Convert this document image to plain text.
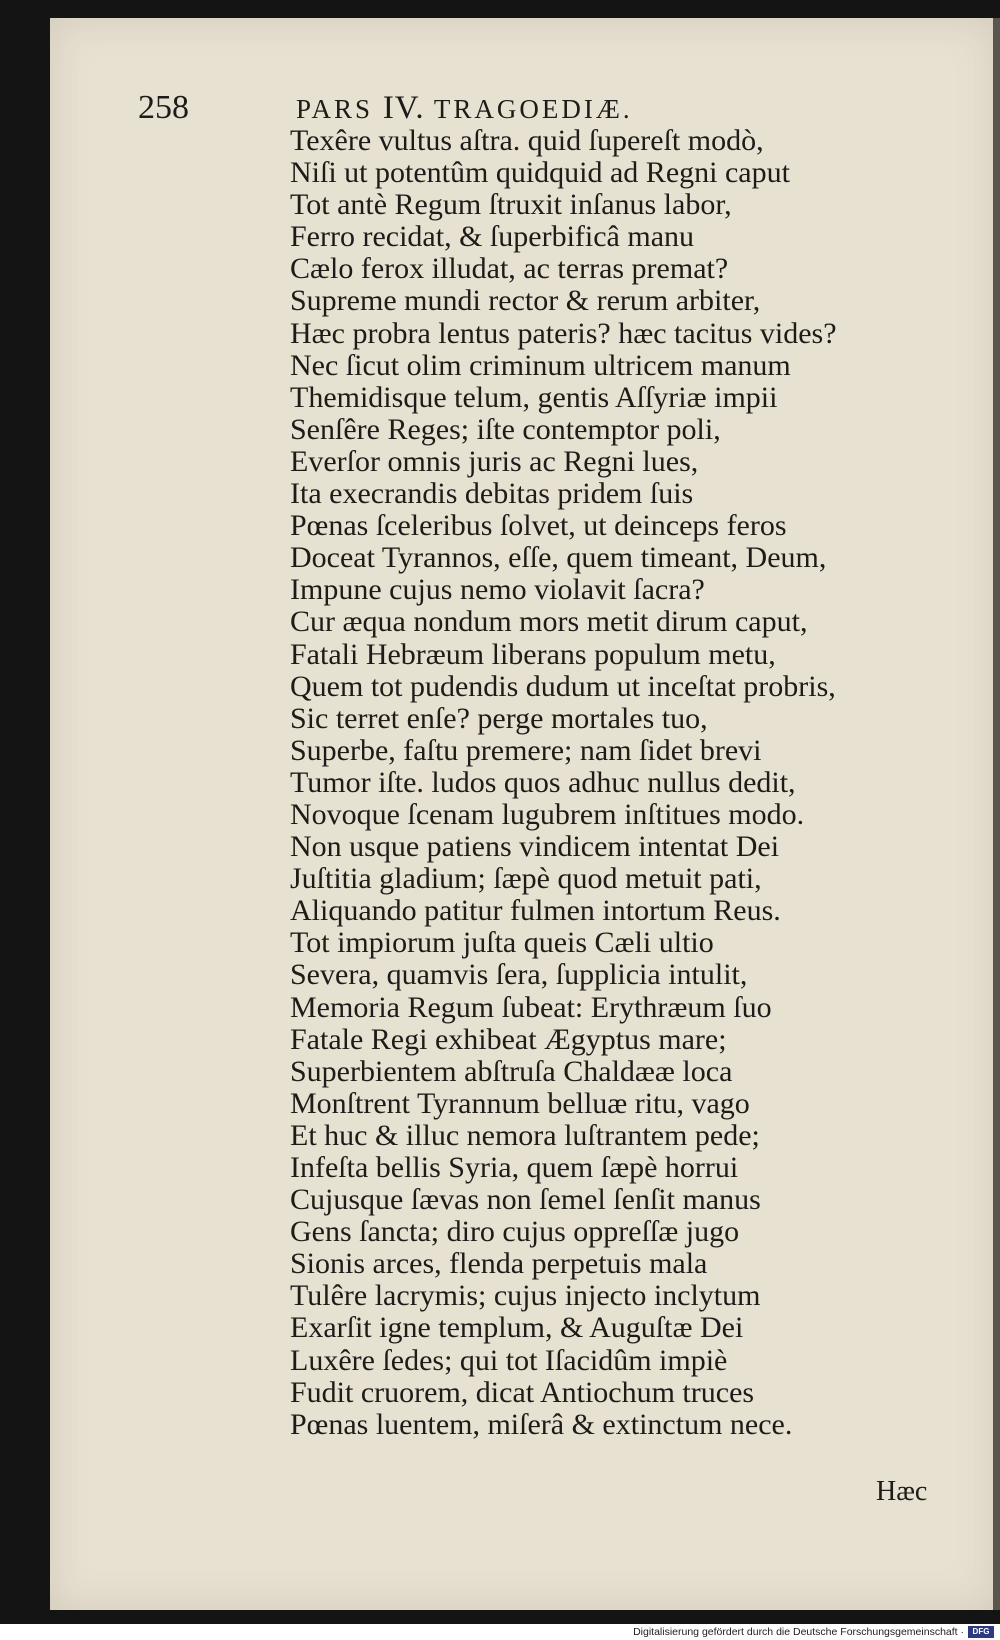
258	PARS IV. TRAGOEDIÆ.
Texêre vultus aſtra. quid ſupereſt modò,
Niſi ut potentûm quidquid ad Regni caput
Tot antè Regum ſtruxit inſanus labor,
Ferro recidat, & ſuperbificâ manu
Cælo ferox illudat, ac terras premat?
Supreme mundi rector & rerum arbiter,
Hæc probra lentus pateris? hæc tacitus vides?
Nec ſicut olim criminum ultricem manum
Themidisque telum, gentis Aſſyriæ impii
Senſêre Reges; iſte contemptor poli,
Everſor omnis juris ac Regni lues,
Ita execrandis debitas pridem ſuis
Pœnas ſceleribus ſolvet, ut deinceps feros
Doceat Tyrannos, eſſe, quem timeant, Deum,
Impune cujus nemo violavit ſacra?
Cur æqua nondum mors metit dirum caput,
Fatali Hebræum liberans populum metu,
Quem tot pudendis dudum ut inceſtat probris,
Sic terret enſe? perge mortales tuo,
Superbe, faſtu premere; nam ſidet brevi
Tumor iſte. ludos quos adhuc nullus dedit,
Novoque ſcenam lugubrem inſtitues modo.
Non usque patiens vindicem intentat Dei
Juſtitia gladium; ſæpè quod metuit pati,
Aliquando patitur fulmen intortum Reus.
Tot impiorum juſta queis Cæli ultio
Severa, quamvis ſera, ſupplicia intulit,
Memoria Regum ſubeat: Erythræum ſuo
Fatale Regi exhibeat Ægyptus mare;
Superbientem abſtruſa Chaldææ loca
Monſtrent Tyrannum belluæ ritu, vago
Et huc & illuc nemora luſtrantem pede;
Infeſta bellis Syria, quem ſæpè horrui
Cujusque ſævas non ſemel ſenſit manus
Gens ſancta; diro cujus oppreſſæ jugo
Sionis arces, flenda perpetuis mala
Tulêre lacrymis; cujus injecto inclytum
Exarſit igne templum, & Auguſtæ Dei
Luxêre ſedes; qui tot Iſacidûm impiè
Fudit cruorem, dicat Antiochum truces
Pœnas luentem, miſerâ & extinctum nece.
Hæc
Digitalisierung gefördert durch die Deutsche Forschungsgemeinschaft ·	DFG
